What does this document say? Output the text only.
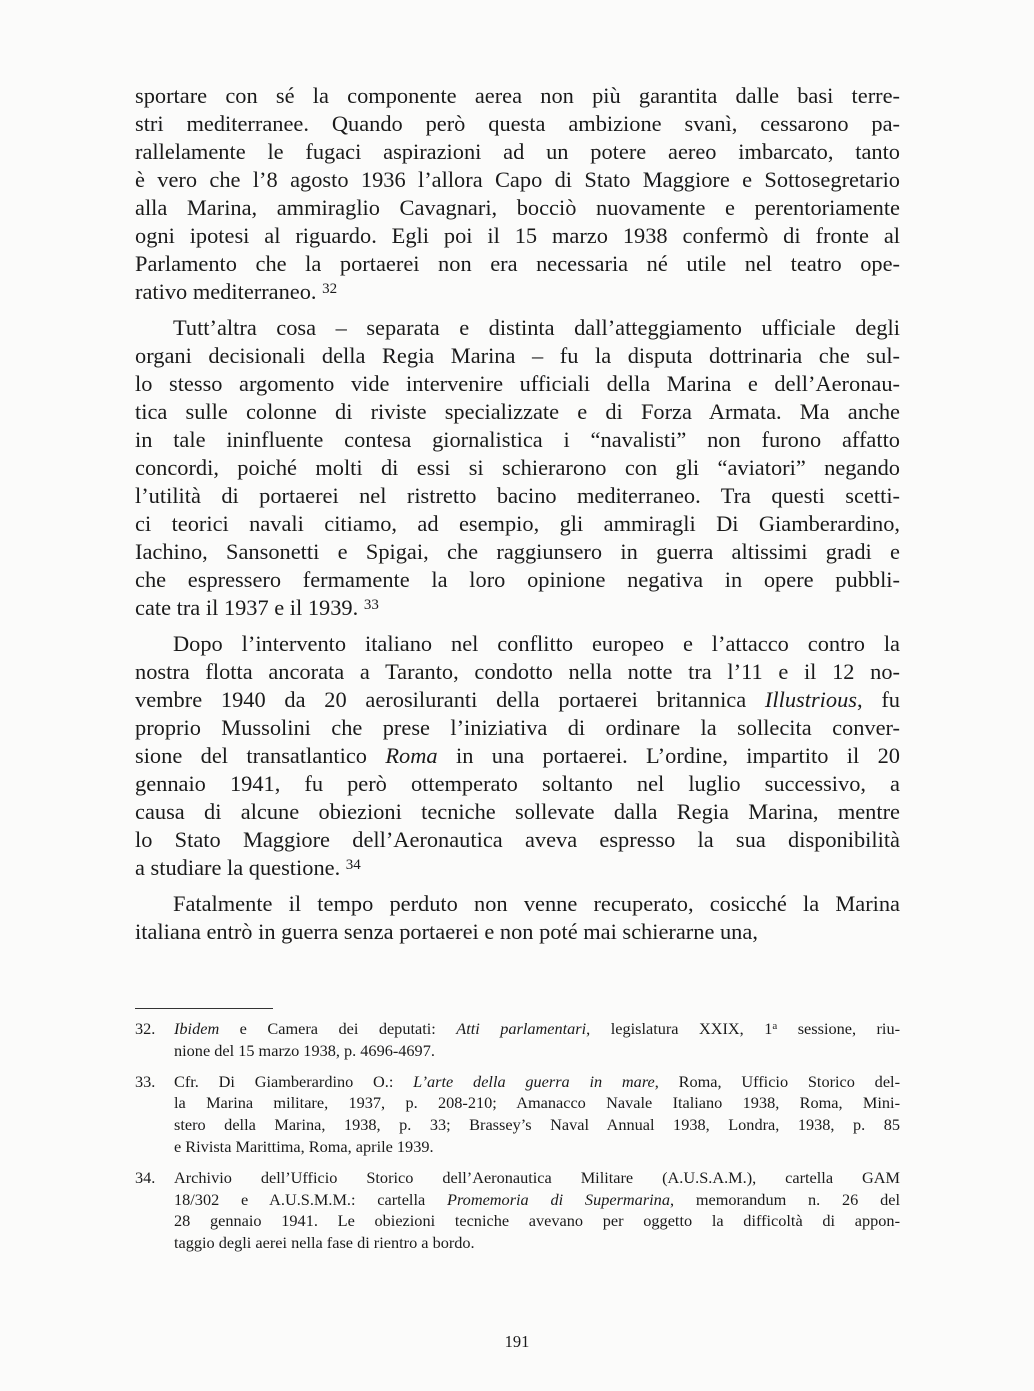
sportare con sé la componente aerea non più garantita dalle basi terre-
stri mediterranee. Quando però questa ambizione svanì, cessarono pa-
rallelamente le fugaci aspirazioni ad un potere aereo imbarcato, tanto
è vero che l’8 agosto 1936 l’allora Capo di Stato Maggiore e Sottosegretario
alla Marina, ammiraglio Cavagnari, bocciò nuovamente e perentoriamente
ogni ipotesi al riguardo. Egli poi il 15 marzo 1938 confermò di fronte al
Parlamento che la portaerei non era necessaria né utile nel teatro ope-
rativo mediterraneo. $^{32}$
Tutt’altra cosa – separata e distinta dall’atteggiamento ufficiale degli
organi decisionali della Regia Marina – fu la disputa dottrinaria che sul-
lo stesso argomento vide intervenire ufficiali della Marina e dell’Aeronau-
tica sulle colonne di riviste specializzate e di Forza Armata. Ma anche
in tale ininfluente contesa giornalistica i “navalisti” non furono affatto
concordi, poiché molti di essi si schierarono con gli “aviatori” negando
l’utilità di portaerei nel ristretto bacino mediterraneo. Tra questi scetti-
ci teorici navali citiamo, ad esempio, gli ammiragli Di Giamberardino,
Iachino, Sansonetti e Spigai, che raggiunsero in guerra altissimi gradi e
che espressero fermamente la loro opinione negativa in opere pubbli-
cate tra il 1937 e il 1939. $^{33}$
Dopo l’intervento italiano nel conflitto europeo e l’attacco contro la
nostra flotta ancorata a Taranto, condotto nella notte tra l’11 e il 12 no-
vembre 1940 da 20 aerosiluranti della portaerei britannica Illustrious, fu
proprio Mussolini che prese l’iniziativa di ordinare la sollecita conver-
sione del transatlantico Roma in una portaerei. L’ordine, impartito il 20
gennaio 1941, fu però ottemperato soltanto nel luglio successivo, a
causa di alcune obiezioni tecniche sollevate dalla Regia Marina, mentre
lo Stato Maggiore dell’Aeronautica aveva espresso la sua disponibilità
a studiare la questione. $^{34}$
Fatalmente il tempo perduto non venne recuperato, cosicché la Marina
italiana entrò in guerra senza portaerei e non poté mai schierarne una,
32. Ibidem e Camera dei deputati: Atti parlamentari, legislatura XXIX, 1$^a$ sessione, riu-
nione del 15 marzo 1938, p. 4696-4697.
33. Cfr. Di Giamberardino O.: L’arte della guerra in mare, Roma, Ufficio Storico del-
la Marina militare, 1937, p. 208-210; Amanacco Navale Italiano 1938, Roma, Mini-
stero della Marina, 1938, p. 33; Brassey’s Naval Annual 1938, Londra, 1938, p. 85
e Rivista Marittima, Roma, aprile 1939.
34. Archivio dell’Ufficio Storico dell’Aeronautica Militare (A.U.S.A.M.), cartella GAM
18/302 e A.U.S.M.M.: cartella Promemoria di Supermarina, memorandum n. 26 del
28 gennaio 1941. Le obiezioni tecniche avevano per oggetto la difficoltà di appon-
taggio degli aerei nella fase di rientro a bordo.
191
